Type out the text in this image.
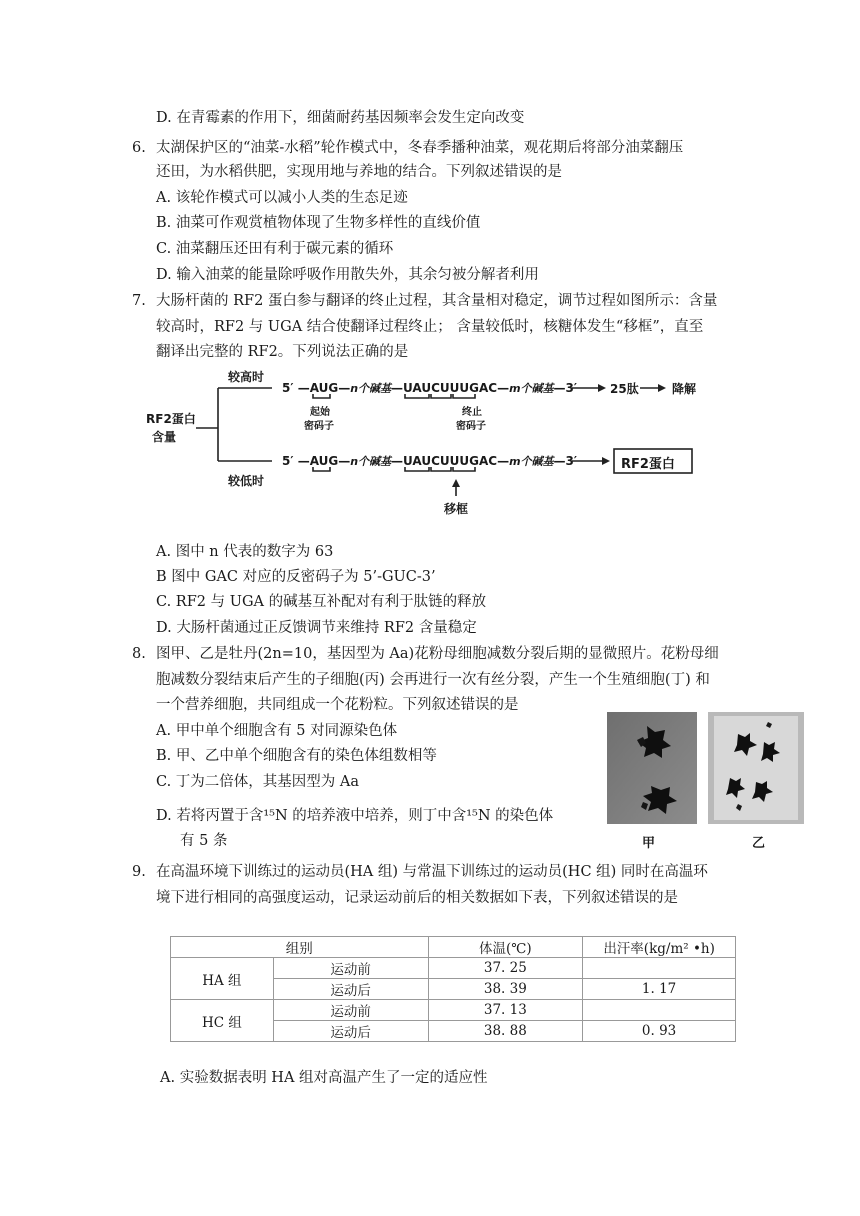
D. 在青霉素的作用下，细菌耐药基因频率会发生定向改变
6. 太湖保护区的“油菜-水稻”轮作模式中，冬春季播种油菜，观花期后将部分油菜翻压
还田，为水稻供肥，实现用地与养地的结合。下列叙述错误的是
A. 该轮作模式可以减小人类的生态足迹
B. 油菜可作观赏植物体现了生物多样性的直线价值
C. 油菜翻压还田有利于碳元素的循环
D. 输入油菜的能量除呼吸作用散失外，其余匀被分解者利用
7. 大肠杆菌的 RF2 蛋白参与翻译的终止过程，其含量相对稳定，调节过程如图所示：含量
较高时，RF2 与 UGA 结合使翻译过程终止； 含量较低时，核糖体发生“移框”，直至
翻译出完整的 RF2。下列说法正确的是
RF2蛋白
含量
较高时
较低时
5′ —AUG—n个碱基—UAUCUUUGAC—m个碱基—3′	25肽	降解
起始
密码子
终止
密码子
5′ —AUG—n个碱基—UAUCUUUGAC—m个碱基—3′	RF2蛋白
移框
A. 图中 n 代表的数字为 63
B 图中 GAC 对应的反密码子为 5’-GUC-3’
C. RF2 与 UGA 的碱基互补配对有利于肽链的释放
D. 大肠杆菌通过正反馈调节来维持 RF2 含量稳定
8. 图甲、乙是牡丹(2n=10，基因型为 Aa)花粉母细胞减数分裂后期的显微照片。花粉母细
胞减数分裂结束后产生的子细胞(丙) 会再进行一次有丝分裂，产生一个生殖细胞(丁) 和
一个营养细胞，共同组成一个花粉粒。下列叙述错误的是
A. 甲中单个细胞含有 5 对同源染色体
B. 甲、乙中单个细胞含有的染色体组数相等
C. 丁为二倍体，其基因型为 Aa
D. 若将丙置于含¹⁵N 的培养液中培养，则丁中含¹⁵N 的染色体
有 5 条	甲	乙
9. 在高温环境下训练过的运动员(HA 组) 与常温下训练过的运动员(HC 组) 同时在高温环
境下进行相同的高强度运动，记录运动前后的相关数据如下表，下列叙述错误的是
组别		体温(℃)	出汗率(kg/m² •h)
HA 组	运动前	37. 25	
	运动后	38. 39	1. 17
HC 组	运动前	37. 13	
	运动后	38. 88	0. 93
A. 实验数据表明 HA 组对高温产生了一定的适应性
